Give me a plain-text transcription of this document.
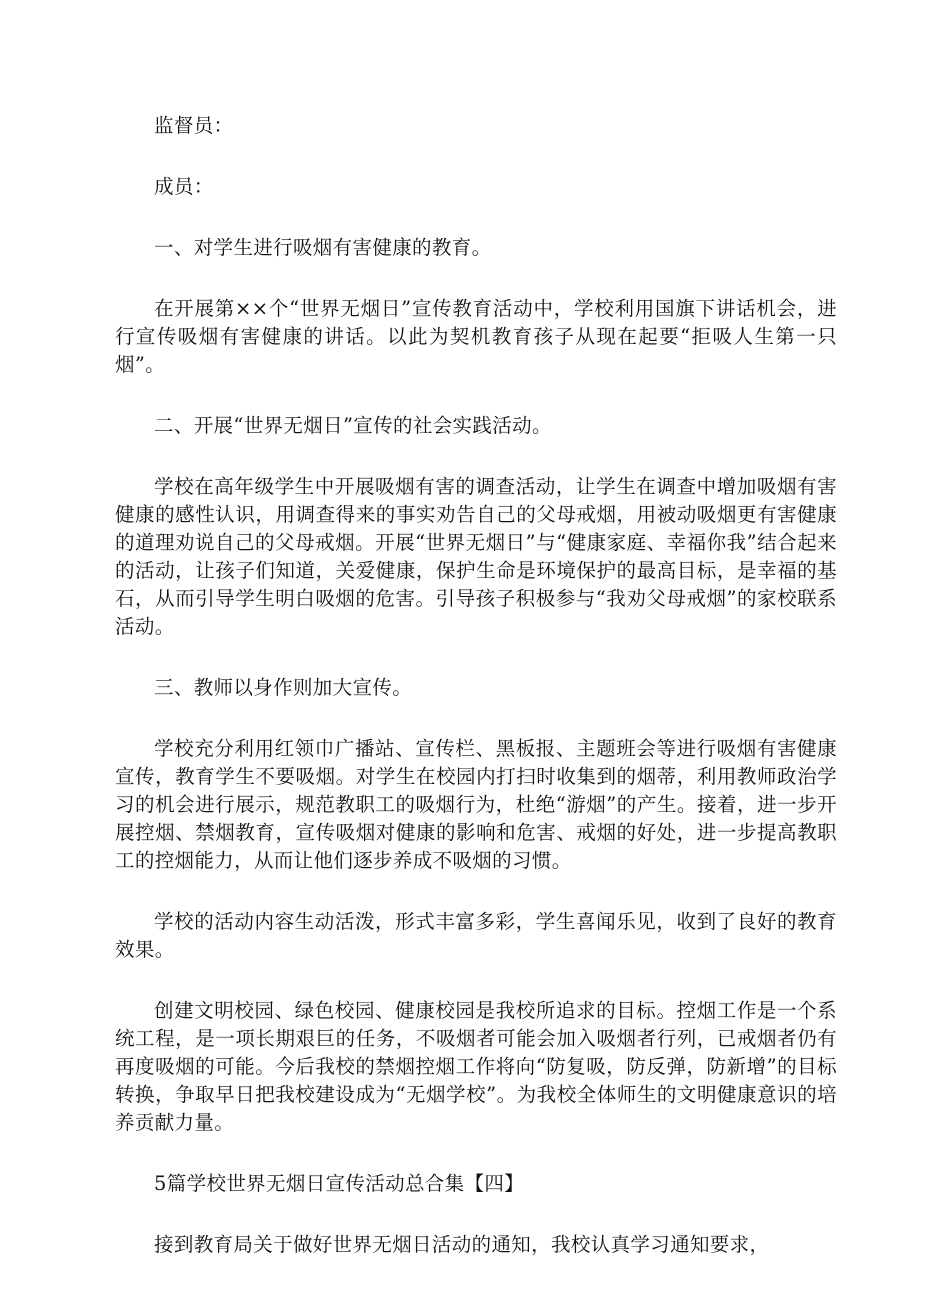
监督员：

成员：

一、对学生进行吸烟有害健康的教育。

在开展第××个“世界无烟日”宣传教育活动中，学校利用国旗下讲话机会，进行宣传吸烟有害健康的讲话。以此为契机教育孩子从现在起要“拒吸人生第一只烟”。

二、开展“世界无烟日”宣传的社会实践活动。

学校在高年级学生中开展吸烟有害的调查活动，让学生在调查中增加吸烟有害健康的感性认识，用调查得来的事实劝告自己的父母戒烟，用被动吸烟更有害健康的道理劝说自己的父母戒烟。开展“世界无烟日”与“健康家庭、幸福你我”结合起来的活动，让孩子们知道，关爱健康，保护生命是环境保护的最高目标，是幸福的基石，从而引导学生明白吸烟的危害。引导孩子积极参与“我劝父母戒烟”的家校联系活动。

三、教师以身作则加大宣传。

学校充分利用红领巾广播站、宣传栏、黑板报、主题班会等进行吸烟有害健康宣传，教育学生不要吸烟。对学生在校园内打扫时收集到的烟蒂，利用教师政治学习的机会进行展示，规范教职工的吸烟行为，杜绝“游烟”的产生。接着，进一步开展控烟、禁烟教育，宣传吸烟对健康的影响和危害、戒烟的好处，进一步提高教职工的控烟能力，从而让他们逐步养成不吸烟的习惯。

学校的活动内容生动活泼，形式丰富多彩，学生喜闻乐见，收到了良好的教育效果。

创建文明校园、绿色校园、健康校园是我校所追求的目标。控烟工作是一个系统工程，是一项长期艰巨的任务，不吸烟者可能会加入吸烟者行列，已戒烟者仍有再度吸烟的可能。今后我校的禁烟控烟工作将向“防复吸，防反弹，防新增”的目标转换，争取早日把我校建设成为“无烟学校”。为我校全体师生的文明健康意识的培养贡献力量。

5篇学校世界无烟日宣传活动总合集【四】

接到教育局关于做好世界无烟日活动的通知，我校认真学习通知要求，
